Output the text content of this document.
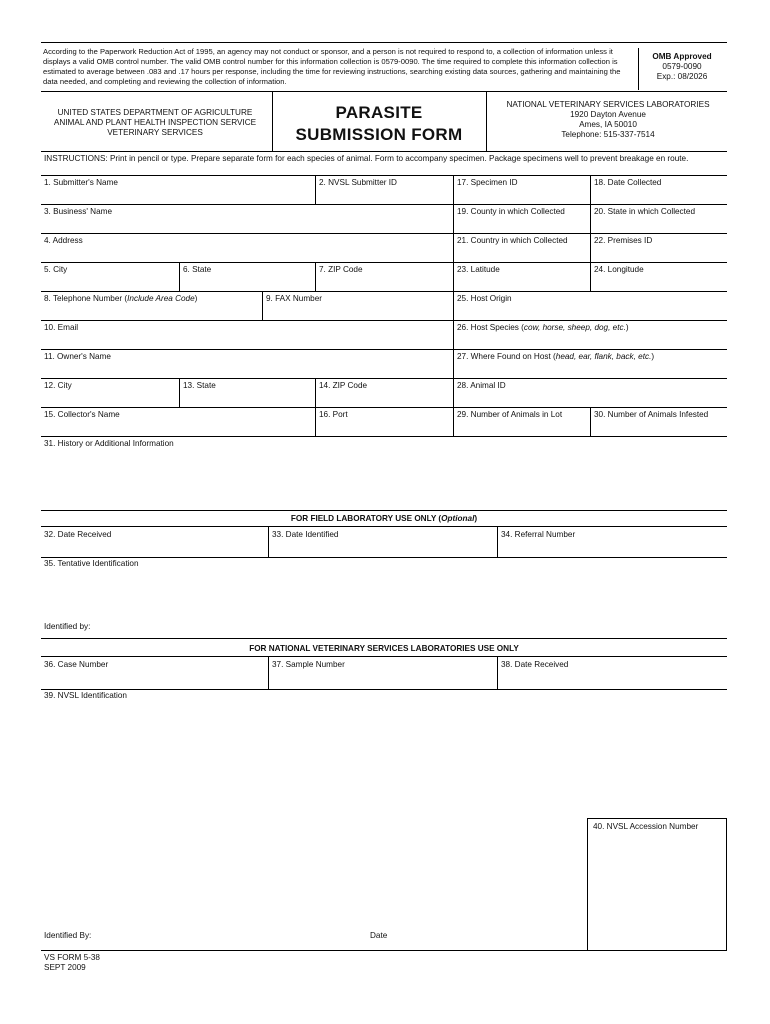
According to the Paperwork Reduction Act of 1995, an agency may not conduct or sponsor, and a person is not required to respond to, a collection of information unless it displays a valid OMB control number. The valid OMB control number for this information collection is 0579-0090. The time required to complete this information collection is estimated to average between .083 and .17 hours per response, including the time for reviewing instructions, searching existing data sources, gathering and maintaining the data needed, and completing and reviewing the collection of information.
OMB Approved
0579-0090
Exp.: 08/2026
UNITED STATES DEPARTMENT OF AGRICULTURE
ANIMAL AND PLANT HEALTH INSPECTION SERVICE
VETERINARY SERVICES
PARASITE
SUBMISSION FORM
NATIONAL VETERINARY SERVICES LABORATORIES
1920 Dayton Avenue
Ames, IA 50010
Telephone: 515-337-7514
INSTRUCTIONS: Print in pencil or type. Prepare separate form for each species of animal. Form to accompany specimen. Package specimens well to prevent breakage en route.
1. Submitter's Name	2. NVSL Submitter ID	17. Specimen ID	18. Date Collected
3. Business' Name	19. County in which Collected	20. State in which Collected
4. Address	21. Country in which Collected	22. Premises ID
5. City	6. State	7. ZIP Code	23. Latitude	24. Longitude
8. Telephone Number (Include Area Code)	9. FAX Number	25. Host Origin
10. Email	26. Host Species (cow, horse, sheep, dog, etc.)
11. Owner's Name	27. Where Found on Host (head, ear, flank, back, etc.)
12. City	13. State	14. ZIP Code	28. Animal ID
15. Collector's Name	16. Port	29. Number of Animals in Lot	30. Number of Animals Infested
31. History or Additional Information
FOR FIELD LABORATORY USE ONLY (Optional)
32. Date Received	33. Date Identified	34. Referral Number
35. Tentative Identification
Identified by:
FOR NATIONAL VETERINARY SERVICES LABORATORIES USE ONLY
36. Case Number	37. Sample Number	38. Date Received
39. NVSL Identification
40. NVSL Accession Number
Identified By:	Date
VS FORM 5-38
SEPT 2009
